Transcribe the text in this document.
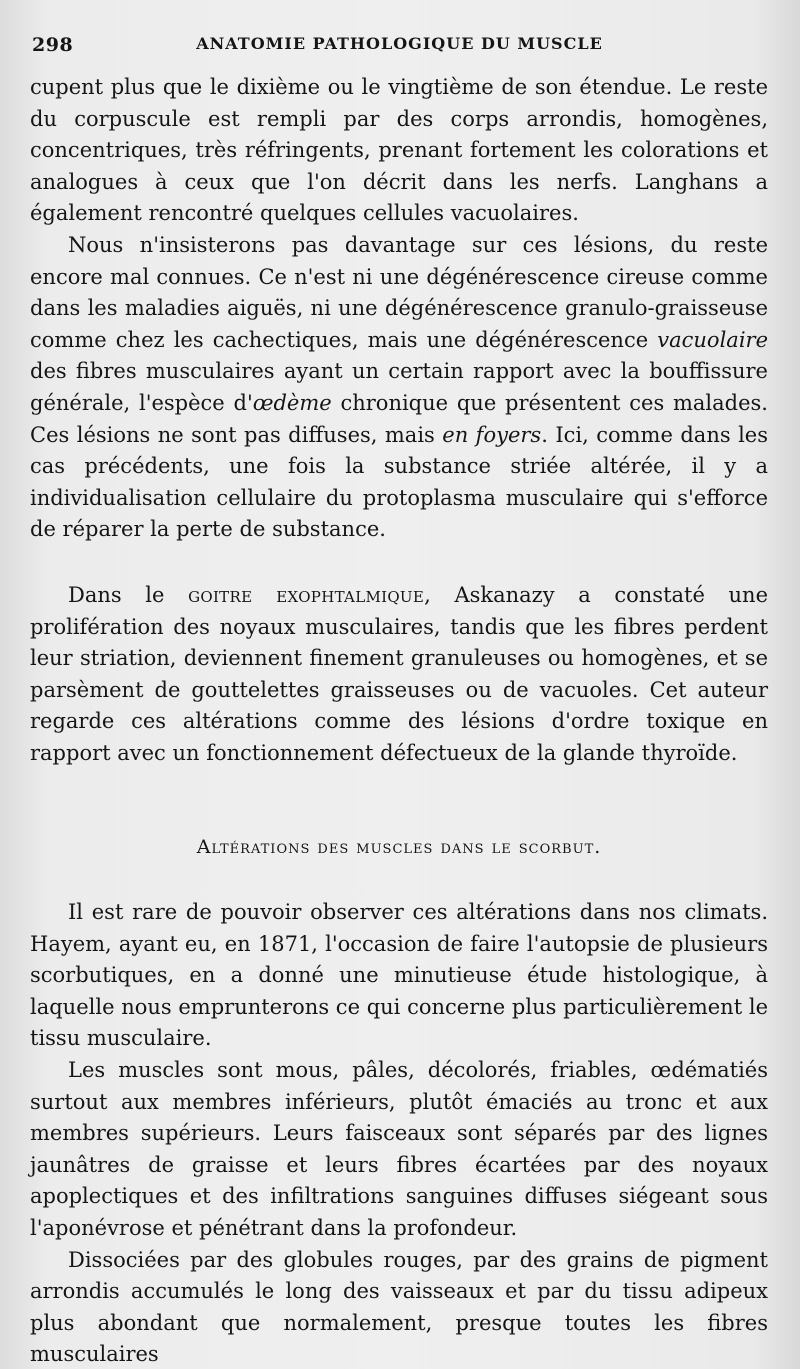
298	ANATOMIE PATHOLOGIQUE DU MUSCLE

cupent plus que le dixième ou le vingtième de son étendue. Le reste du corpuscule est rempli par des corps arrondis, homogènes, concentriques, très réfringents, prenant fortement les colorations et analogues à ceux que l'on décrit dans les nerfs. Langhans a également rencontré quelques cellules vacuolaires.

Nous n'insisterons pas davantage sur ces lésions, du reste encore mal connues. Ce n'est ni une dégénérescence cireuse comme dans les maladies aiguës, ni une dégénérescence granulo-graisseuse comme chez les cachectiques, mais une dégénérescence vacuolaire des fibres musculaires ayant un certain rapport avec la bouffissure générale, l'espèce d'œdème chronique que présentent ces malades. Ces lésions ne sont pas diffuses, mais en foyers. Ici, comme dans les cas précédents, une fois la substance striée altérée, il y a individualisation cellulaire du protoplasma musculaire qui s'efforce de réparer la perte de substance.

Dans le goitre exophtalmique, Askanazy a constaté une prolifération des noyaux musculaires, tandis que les fibres perdent leur striation, deviennent finement granuleuses ou homogènes, et se parsèment de gouttelettes graisseuses ou de vacuoles. Cet auteur regarde ces altérations comme des lésions d'ordre toxique en rapport avec un fonctionnement défectueux de la glande thyroïde.

Altérations des muscles dans le scorbut.

Il est rare de pouvoir observer ces altérations dans nos climats. Hayem, ayant eu, en 1871, l'occasion de faire l'autopsie de plusieurs scorbutiques, en a donné une minutieuse étude histologique, à laquelle nous emprunterons ce qui concerne plus particulièrement le tissu musculaire.

Les muscles sont mous, pâles, décolorés, friables, œdématiés surtout aux membres inférieurs, plutôt émaciés au tronc et aux membres supérieurs. Leurs faisceaux sont séparés par des lignes jaunâtres de graisse et leurs fibres écartées par des noyaux apoplectiques et des infiltrations sanguines diffuses siégeant sous l'aponévrose et pénétrant dans la profondeur.

Dissociées par des globules rouges, par des grains de pigment arrondis accumulés le long des vaisseaux et par du tissu adipeux plus abondant que normalement, presque toutes les fibres musculaires
